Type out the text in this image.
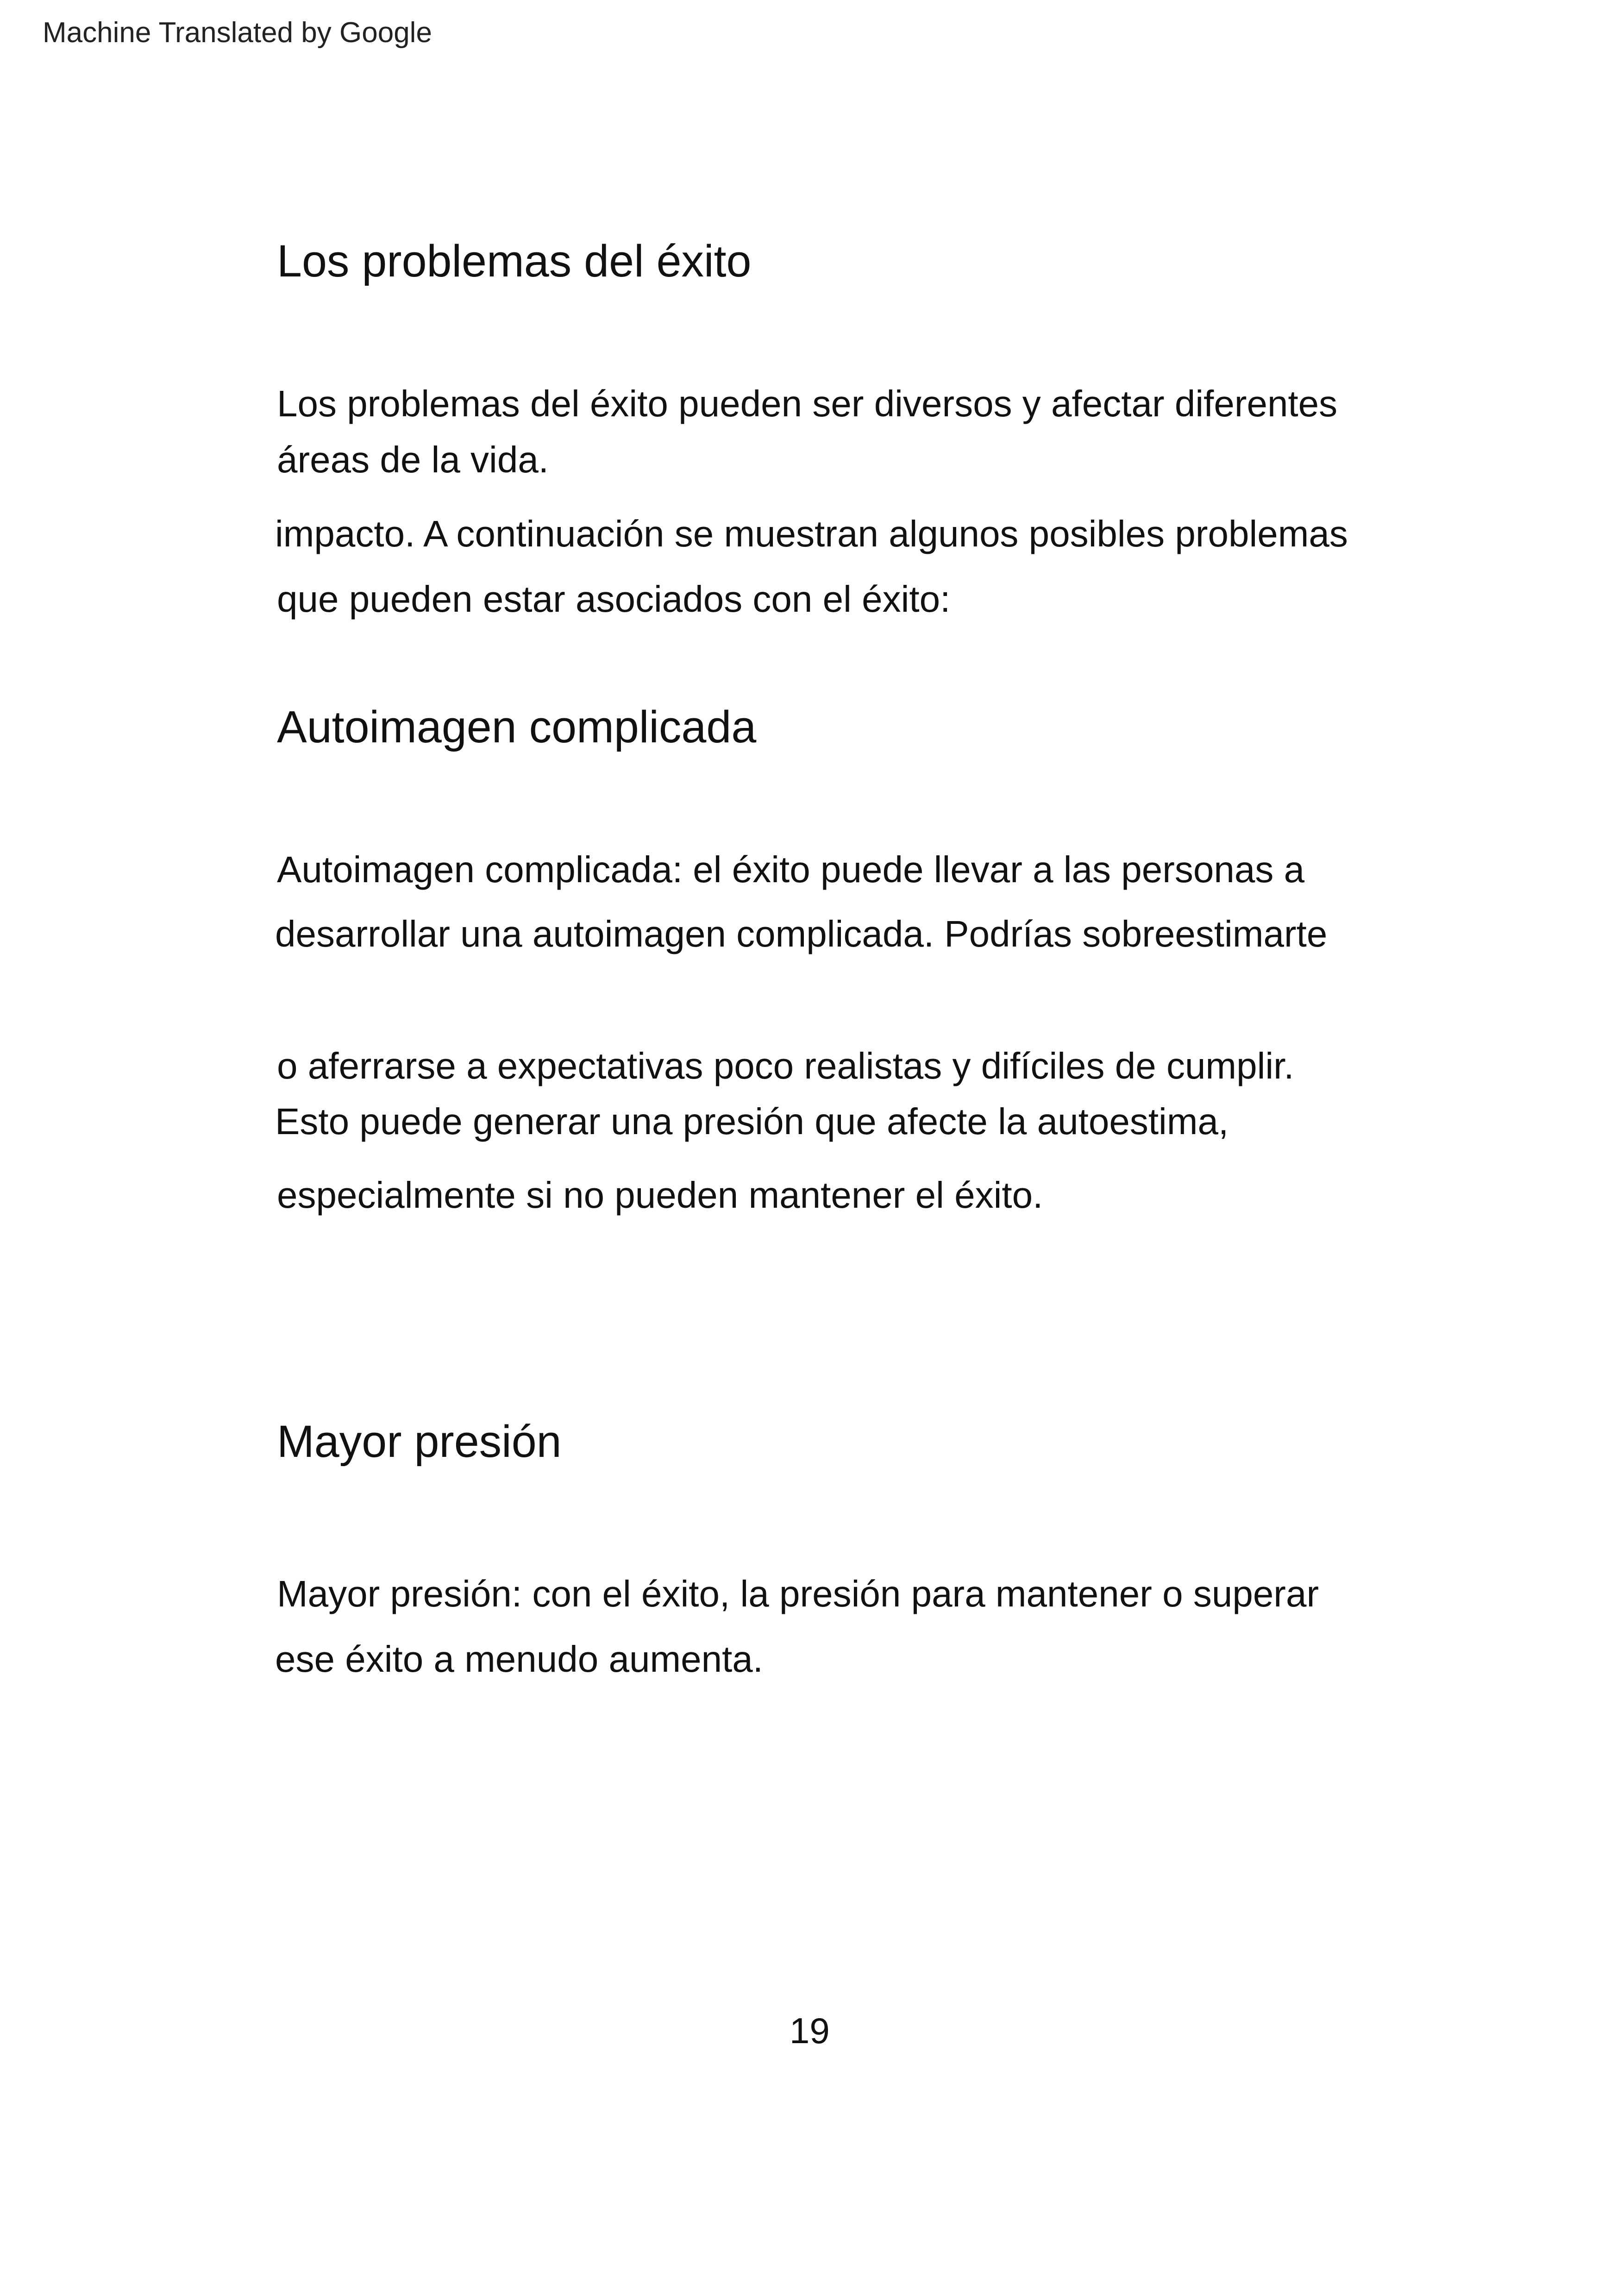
Machine Translated by Google
Los problemas del éxito

Los problemas del éxito pueden ser diversos y afectar diferentes

áreas de la vida.

impacto. A continuación se muestran algunos posibles problemas

que pueden estar asociados con el éxito:

Autoimagen complicada

Autoimagen complicada: el éxito puede llevar a las personas a

desarrollar una autoimagen complicada. Podrías sobreestimarte

o aferrarse a expectativas poco realistas y difíciles de cumplir.

Esto puede generar una presión que afecte la autoestima,

especialmente si no pueden mantener el éxito.

Mayor presión

Mayor presión: con el éxito, la presión para mantener o superar

ese éxito a menudo aumenta.

19
